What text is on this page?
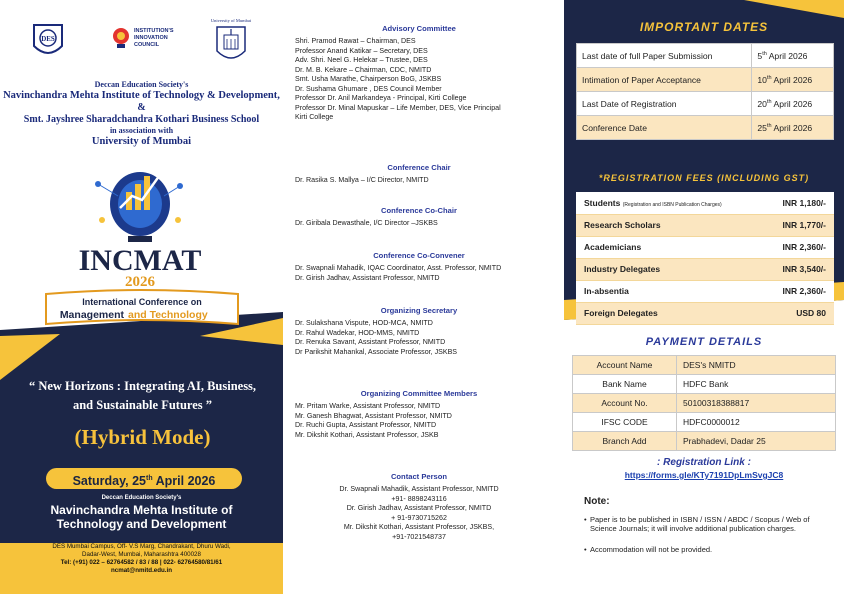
DES
INSTITUTION'S
INNOVATION
COUNCIL
University of Mumbai
Deccan Education Society's
Navinchandra Mehta Institute of Technology & Development,
&
Smt. Jayshree Sharadchandra Kothari Business School
in association with
University of Mumbai
INCMAT
2026
International Conference on
Management and Technology
“ New Horizons : Integrating AI, Business,
and Sustainable Futures ”
(Hybrid Mode)
Saturday, 25th April 2026
Deccan Education Society's
Navinchandra Mehta Institute of
Technology and Development
DES Mumbai Campus, Off- V.S Marg, Chandrakant, Dhuru Wadi,
Dadar-West, Mumbai, Maharashtra 400028
Tel: (+91) 022 – 62764582 / 83 / 88 | 022- 62764580/81/61
ncmat@nmitd.edu.in
Advisory Committee
Shri. Pramod Rawat – Chairman, DES
Professor Anand Katikar – Secretary, DES
Adv. Shri. Neel G. Helekar – Trustee, DES
Dr. M. B. Kekare – Chairman, CDC, NMITD
Smt. Usha Marathe, Chairperson BoG, JSKBS
Dr. Sushama Ghumare , DES Council Member
Professor Dr. Anil Markandeya - Principal, Kirti College
Professor Dr. Minal Mapuskar – Life Member, DES, Vice Principal
Kirti College
Conference Chair
Dr. Rasika S. Mallya – I/C Director, NMITD
Conference Co-Chair
Dr. Giribala Dewasthale, I/C Director –JSKBS
Conference Co-Convener
Dr. Swapnali Mahadik, IQAC Coordinator, Asst. Professor, NMITD
Dr. Girish Jadhav, Assistant Professor, NMITD
Organizing Secretary
Dr. Sulakshana Vispute, HOD-MCA, NMITD
Dr. Rahul Wadekar, HOD-MMS, NMITD
Dr. Renuka Savant, Assistant Professor, NMITD
Dr Parikshit Mahankal, Associate Professor, JSKBS
Organizing Committee Members
Mr. Pritam Warke, Assistant Professor, NMITD
Mr. Ganesh Bhagwat, Assistant Professor, NMITD
Dr. Ruchi Gupta, Assistant Professor, NMITD
Mr. Dikshit Kothari, Assistant Professor, JSKB
Contact Person
Dr. Swapnali Mahadik, Assistant Professor, NMITD
+91- 8898243116
Dr. Girish Jadhav, Assistant Professor, NMITD
+ 91-9730715262
Mr. Dikshit Kothari, Assistant Professor, JSKBS,
+91-7021548737
IMPORTANT DATES
Last date of full Paper Submission	5th April 2026
Intimation of Paper Acceptance	10th April 2026
Last Date of Registration	20th April 2026
Conference Date	25th April 2026
*REGISTRATION FEES (INCLUDING GST)
Students (Registration and ISBN Publication Charges)	INR 1,180/-
Research Scholars	INR 1,770/-
Academicians	INR 2,360/-
Industry Delegates	INR 3,540/-
In-absentia	INR 2,360/-
Foreign Delegates	USD 80
PAYMENT DETAILS
Account Name	DES's NMITD
Bank Name	HDFC Bank
Account No.	50100318388817
IFSC CODE	HDFC0000012
Branch Add	Prabhadevi, Dadar 25
: Registration Link :
https://forms.gle/KTy7191DpLmSvgJC8
Note:
• Paper is to be published in ISBN / ISSN / ABDC / Scopus / Web of Science Journals; it will involve additional publication charges.
• Accommodation will not be provided.
